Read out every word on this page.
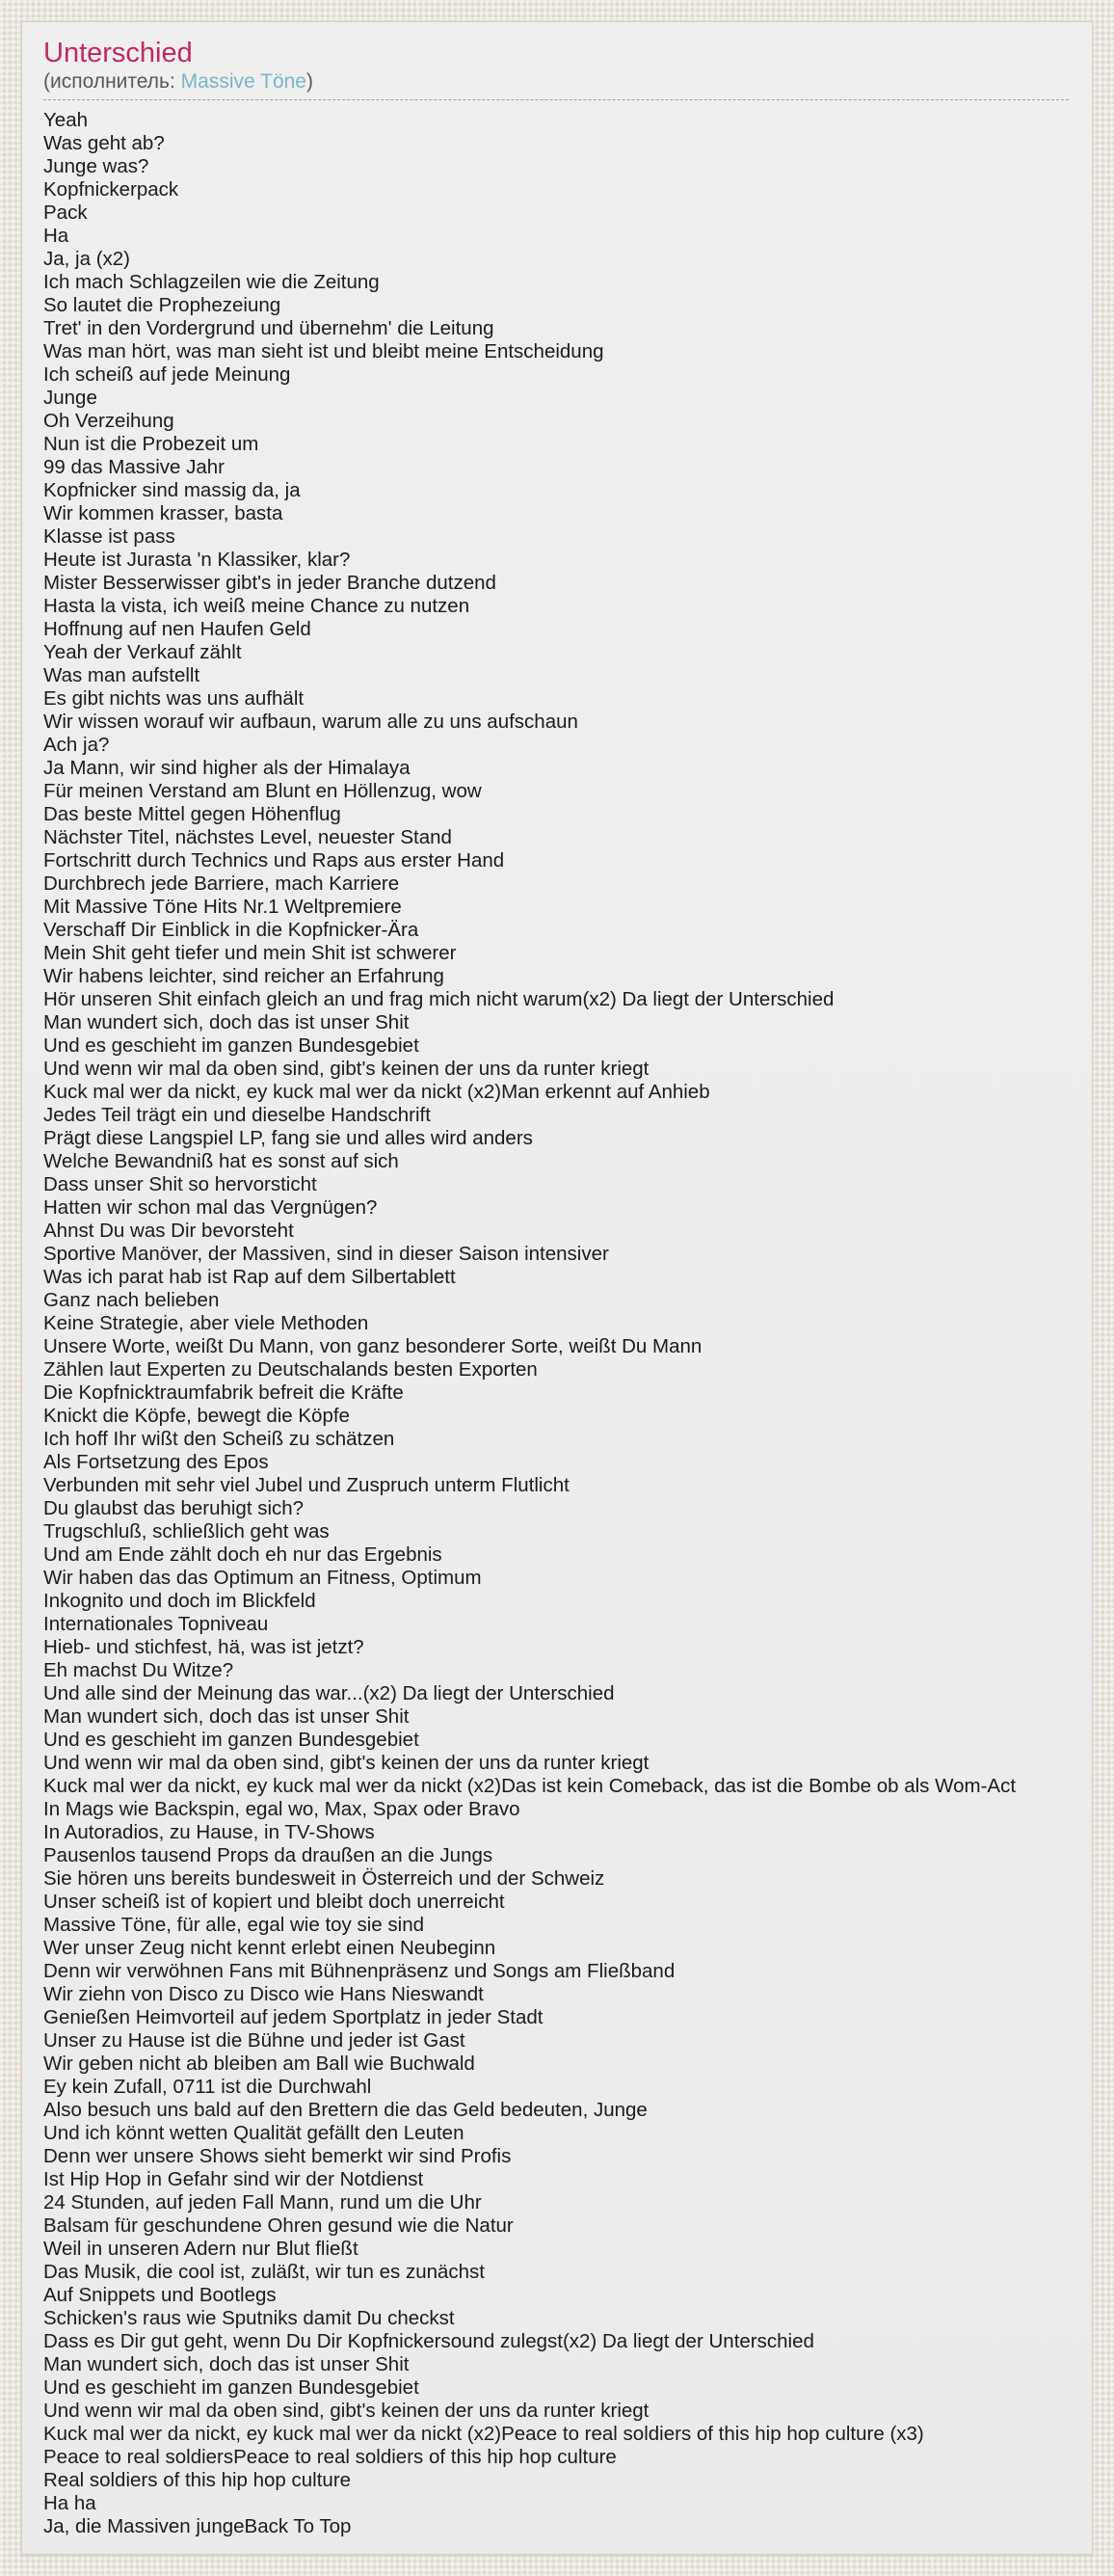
Unterschied
(исполнитель: Massive Töne)
Yeah
Was geht ab?
Junge was?
Kopfnickerpack
Pack
Ha
Ja, ja (x2)
Ich mach Schlagzeilen wie die Zeitung
So lautet die Prophezeiung
Tret' in den Vordergrund und übernehm' die Leitung
Was man hört, was man sieht ist und bleibt meine Entscheidung
Ich scheiß auf jede Meinung
Junge
Oh Verzeihung
Nun ist die Probezeit um
99 das Massive Jahr
Kopfnicker sind massig da, ja
Wir kommen krasser, basta
Klasse ist pass
Heute ist Jurasta 'n Klassiker, klar?
Mister Besserwisser gibt's in jeder Branche dutzend
Hasta la vista, ich weiß meine Chance zu nutzen
Hoffnung auf nen Haufen Geld
Yeah der Verkauf zählt
Was man aufstellt
Es gibt nichts was uns aufhält
Wir wissen worauf wir aufbaun, warum alle zu uns aufschaun
Ach ja?
Ja Mann, wir sind higher als der Himalaya
Für meinen Verstand am Blunt en Höllenzug, wow
Das beste Mittel gegen Höhenflug
Nächster Titel, nächstes Level, neuester Stand
Fortschritt durch Technics und Raps aus erster Hand
Durchbrech jede Barriere, mach Karriere
Mit Massive Töne Hits Nr.1 Weltpremiere
Verschaff Dir Einblick in die Kopfnicker-Ära
Mein Shit geht tiefer und mein Shit ist schwerer
Wir habens leichter, sind reicher an Erfahrung
Hör unseren Shit einfach gleich an und frag mich nicht warum(x2) Da liegt der Unterschied
Man wundert sich, doch das ist unser Shit
Und es geschieht im ganzen Bundesgebiet
Und wenn wir mal da oben sind, gibt's keinen der uns da runter kriegt
Kuck mal wer da nickt, ey kuck mal wer da nickt (x2)Man erkennt auf Anhieb
Jedes Teil trägt ein und dieselbe Handschrift
Prägt diese Langspiel LP, fang sie und alles wird anders
Welche Bewandniß hat es sonst auf sich
Dass unser Shit so hervorsticht
Hatten wir schon mal das Vergnügen?
Ahnst Du was Dir bevorsteht
Sportive Manöver, der Massiven, sind in dieser Saison intensiver
Was ich parat hab ist Rap auf dem Silbertablett
Ganz nach belieben
Keine Strategie, aber viele Methoden
Unsere Worte, weißt Du Mann, von ganz besonderer Sorte, weißt Du Mann
Zählen laut Experten zu Deutschalands besten Exporten
Die Kopfnicktraumfabrik befreit die Kräfte
Knickt die Köpfe, bewegt die Köpfe
Ich hoff Ihr wißt den Scheiß zu schätzen
Als Fortsetzung des Epos
Verbunden mit sehr viel Jubel und Zuspruch unterm Flutlicht
Du glaubst das beruhigt sich?
Trugschluß, schließlich geht was
Und am Ende zählt doch eh nur das Ergebnis
Wir haben das das Optimum an Fitness, Optimum
Inkognito und doch im Blickfeld
Internationales Topniveau
Hieb- und stichfest, hä, was ist jetzt?
Eh machst Du Witze?
Und alle sind der Meinung das war...(x2) Da liegt der Unterschied
Man wundert sich, doch das ist unser Shit
Und es geschieht im ganzen Bundesgebiet
Und wenn wir mal da oben sind, gibt's keinen der uns da runter kriegt
Kuck mal wer da nickt, ey kuck mal wer da nickt (x2)Das ist kein Comeback, das ist die Bombe ob als Wom-Act
In Mags wie Backspin, egal wo, Max, Spax oder Bravo
In Autoradios, zu Hause, in TV-Shows
Pausenlos tausend Props da draußen an die Jungs
Sie hören uns bereits bundesweit in Österreich und der Schweiz
Unser scheiß ist of kopiert und bleibt doch unerreicht
Massive Töne, für alle, egal wie toy sie sind
Wer unser Zeug nicht kennt erlebt einen Neubeginn
Denn wir verwöhnen Fans mit Bühnenpräsenz und Songs am Fließband
Wir ziehn von Disco zu Disco wie Hans Nieswandt
Genießen Heimvorteil auf jedem Sportplatz in jeder Stadt
Unser zu Hause ist die Bühne und jeder ist Gast
Wir geben nicht ab bleiben am Ball wie Buchwald
Ey kein Zufall, 0711 ist die Durchwahl
Also besuch uns bald auf den Brettern die das Geld bedeuten, Junge
Und ich könnt wetten Qualität gefällt den Leuten
Denn wer unsere Shows sieht bemerkt wir sind Profis
Ist Hip Hop in Gefahr sind wir der Notdienst
24 Stunden, auf jeden Fall Mann, rund um die Uhr
Balsam für geschundene Ohren gesund wie die Natur
Weil in unseren Adern nur Blut fließt
Das Musik, die cool ist, zuläßt, wir tun es zunächst
Auf Snippets und Bootlegs
Schicken's raus wie Sputniks damit Du checkst
Dass es Dir gut geht, wenn Du Dir Kopfnickersound zulegst(x2) Da liegt der Unterschied
Man wundert sich, doch das ist unser Shit
Und es geschieht im ganzen Bundesgebiet
Und wenn wir mal da oben sind, gibt's keinen der uns da runter kriegt
Kuck mal wer da nickt, ey kuck mal wer da nickt (x2)Peace to real soldiers of this hip hop culture (x3)
Peace to real soldiersPeace to real soldiers of this hip hop culture
Real soldiers of this hip hop culture
Ha ha
Ja, die Massiven jungeBack To Top
